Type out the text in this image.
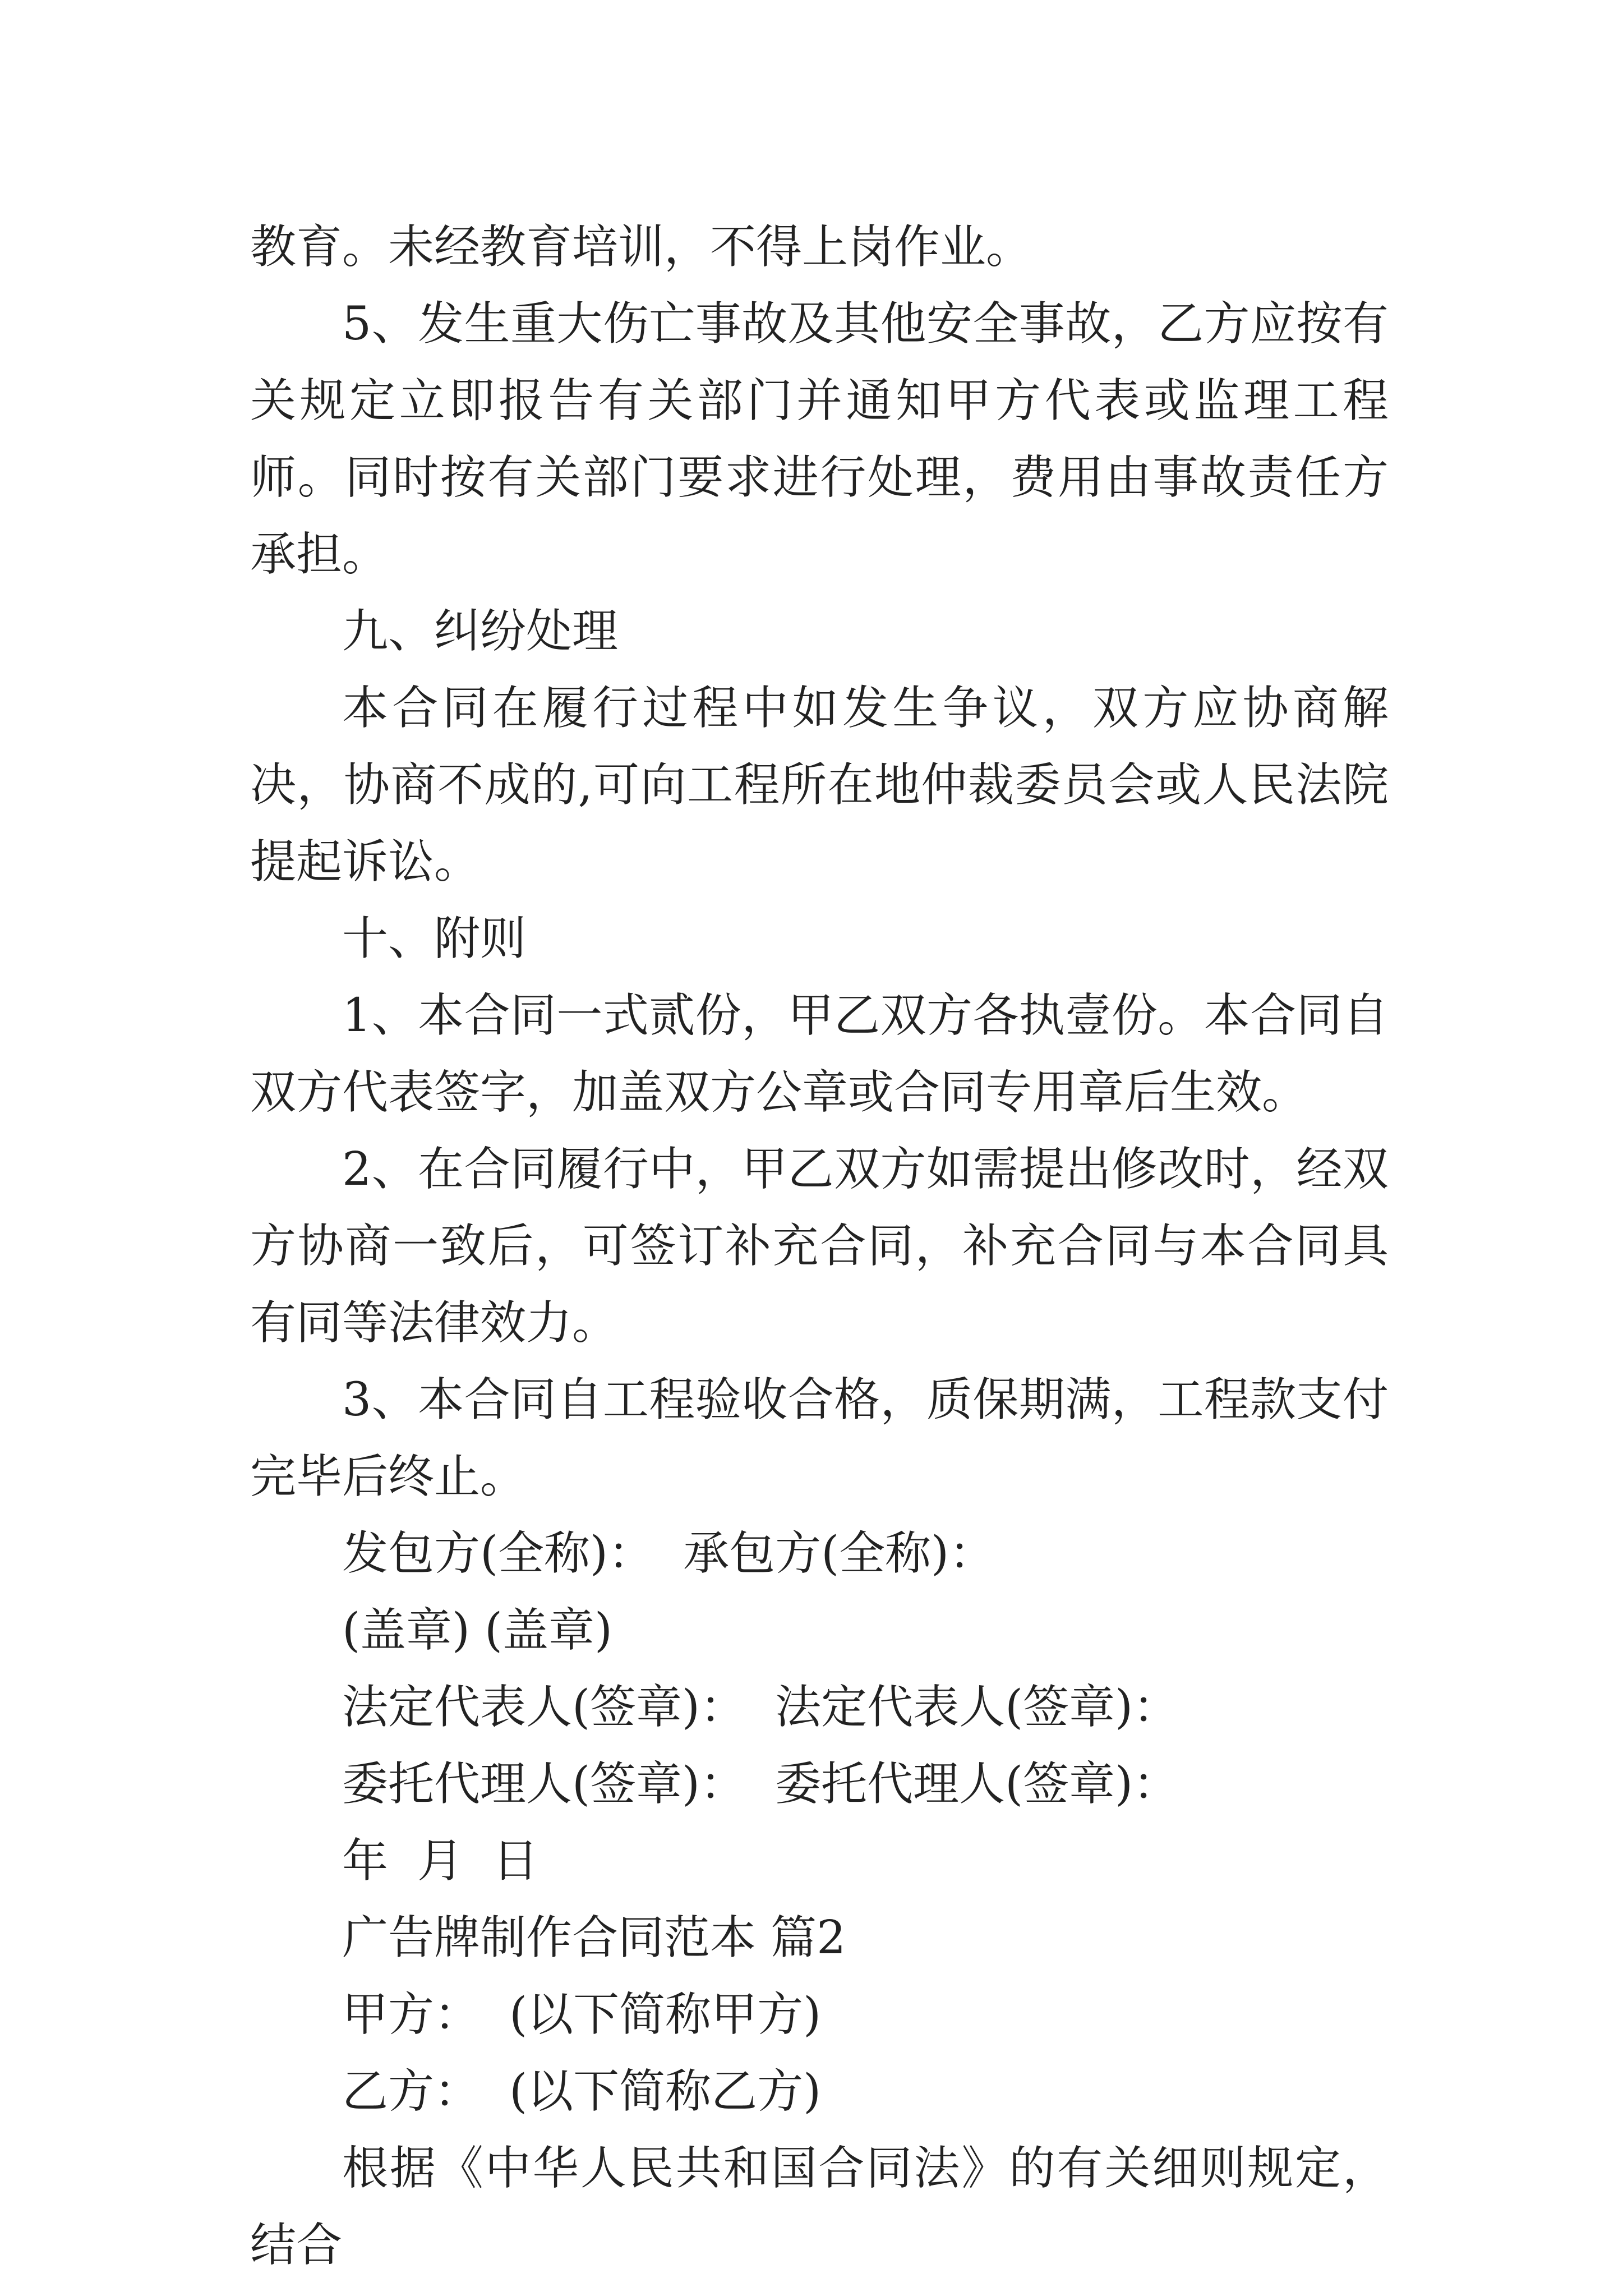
教育。未经教育培训，不得上岗作业。

5、发生重大伤亡事故及其他安全事故，乙方应按有关规定立即报告有关部门并通知甲方代表或监理工程师。同时按有关部门要求进行处理，费用由事故责任方承担。

九、纠纷处理

本合同在履行过程中如发生争议，双方应协商解决，协商不成的,可向工程所在地仲裁委员会或人民法院提起诉讼。

十、附则

1、本合同一式贰份，甲乙双方各执壹份。本合同自双方代表签字，加盖双方公章或合同专用章后生效。

2、在合同履行中，甲乙双方如需提出修改时，经双方协商一致后，可签订补充合同，补充合同与本合同具有同等法律效力。

3、本合同自工程验收合格，质保期满，工程款支付完毕后终止。

发包方(全称)：  承包方(全称)：
(盖章) (盖章)
法定代表人(签章)：  法定代表人(签章)：
委托代理人(签章)：  委托代理人(签章)：
年  月  日
广告牌制作合同范本 篇2
甲方：  (以下简称甲方)
乙方：  (以下简称乙方)

根据《中华人民共和国合同法》的有关细则规定，结合
